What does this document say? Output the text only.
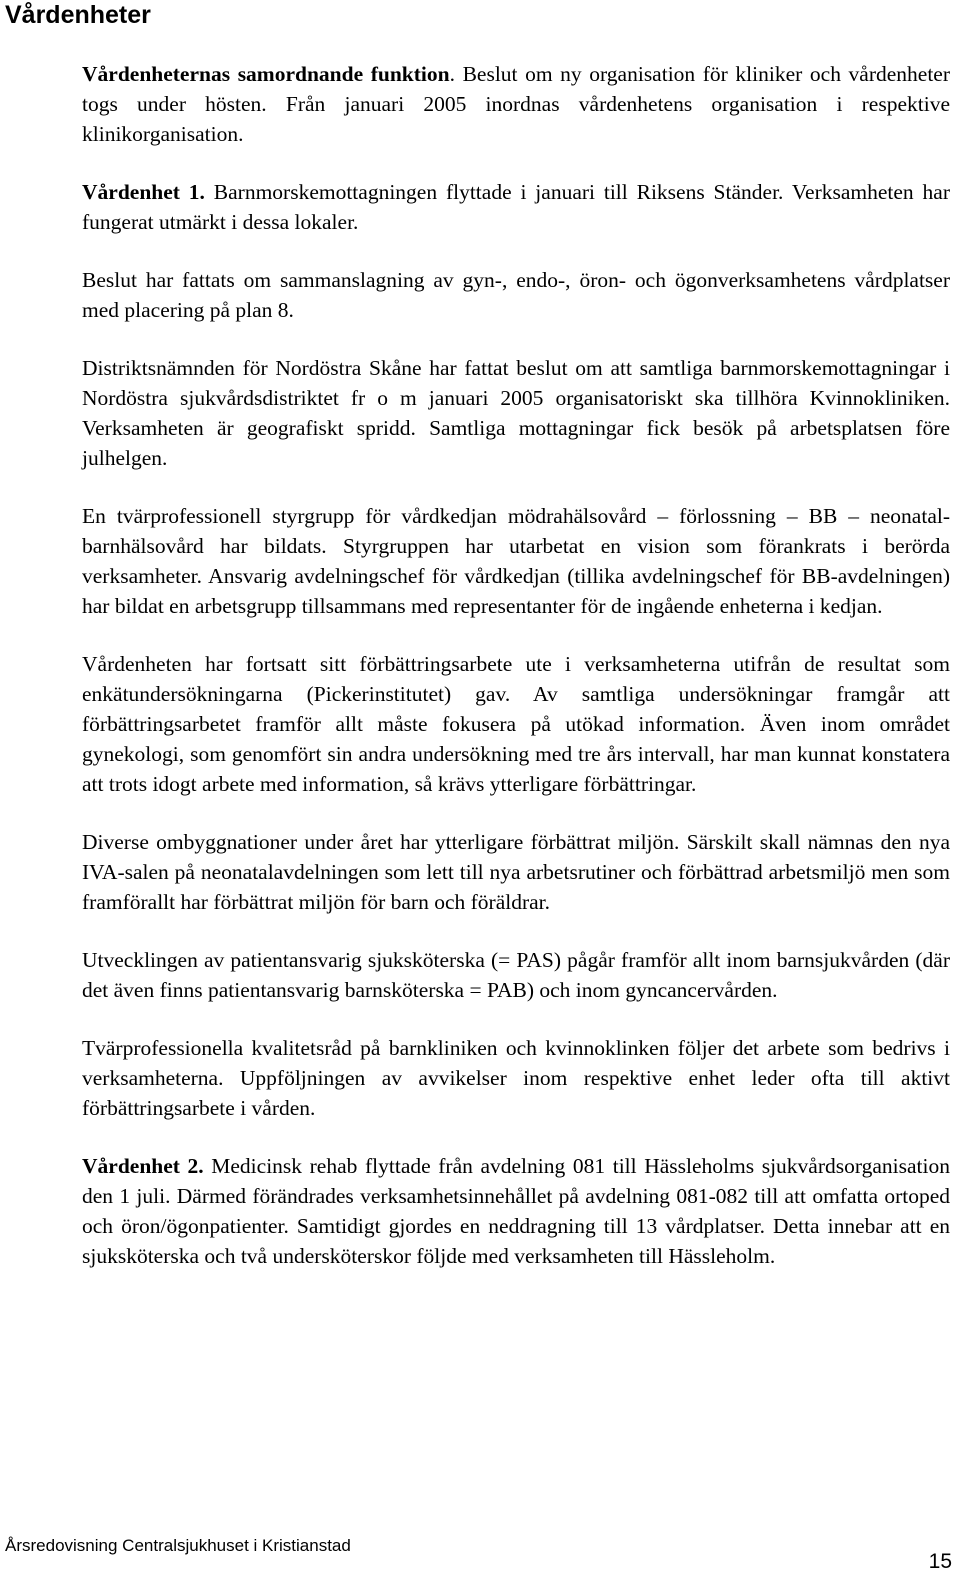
Vårdenheter

Vårdenheternas samordnande funktion. Beslut om ny organisation för kliniker och vårdenheter togs under hösten. Från januari 2005 inordnas vårdenhetens organisation i respektive klinikorganisation.

Vårdenhet 1. Barnmorskemottagningen flyttade i januari till Riksens Ständer. Verksamheten har fungerat utmärkt i dessa lokaler.

Beslut har fattats om sammanslagning av gyn-, endo-, öron- och ögonverksamhetens vårdplatser med placering på plan 8.

Distriktsnämnden för Nordöstra Skåne har fattat beslut om att samtliga barnmorskemottagningar i Nordöstra sjukvårdsdistriktet fr o m januari 2005 organisatoriskt ska tillhöra Kvinnokliniken. Verksamheten är geografiskt spridd. Samtliga mottagningar fick besök på arbetsplatsen före julhelgen.

En tvärprofessionell styrgrupp för vårdkedjan mödrahälsovård – förlossning – BB – neonatal- barnhälsovård har bildats. Styrgruppen har utarbetat en vision som förankrats i berörda verksamheter. Ansvarig avdelningschef för vårdkedjan (tillika avdelningschef för BB-avdelningen) har bildat en arbetsgrupp tillsammans med representanter för de ingående enheterna i kedjan.

Vårdenheten har fortsatt sitt förbättringsarbete ute i verksamheterna utifrån de resultat som enkätundersökningarna (Pickerinstitutet) gav. Av samtliga undersökningar framgår att förbättringsarbetet framför allt måste fokusera på utökad information. Även inom området gynekologi, som genomfört sin andra undersökning med tre års intervall, har man kunnat konstatera att trots idogt arbete med information, så krävs ytterligare förbättringar.

Diverse ombyggnationer under året har ytterligare förbättrat miljön. Särskilt skall nämnas den nya IVA-salen på neonatalavdelningen som lett till nya arbetsrutiner och förbättrad arbetsmiljö men som framförallt har förbättrat miljön för barn och föräldrar.

Utvecklingen av patientansvarig sjuksköterska (= PAS) pågår framför allt inom barnsjukvården (där det även finns patientansvarig barnsköterska = PAB) och inom gyncancervården.

Tvärprofessionella kvalitetsråd på barnkliniken och kvinnoklinken följer det arbete som bedrivs i verksamheterna. Uppföljningen av avvikelser inom respektive enhet leder ofta till aktivt förbättringsarbete i vården.

Vårdenhet 2. Medicinsk rehab flyttade från avdelning 081 till Hässleholms sjukvårdsorganisation den 1 juli. Därmed förändrades verksamhetsinnehållet på avdelning 081-082 till att omfatta ortoped och öron/ögonpatienter. Samtidigt gjordes en neddragning till 13 vårdplatser. Detta innebar att en sjuksköterska och två undersköterskor följde med verksamheten till Hässleholm.

Årsredovisning Centralsjukhuset i Kristianstad
15
